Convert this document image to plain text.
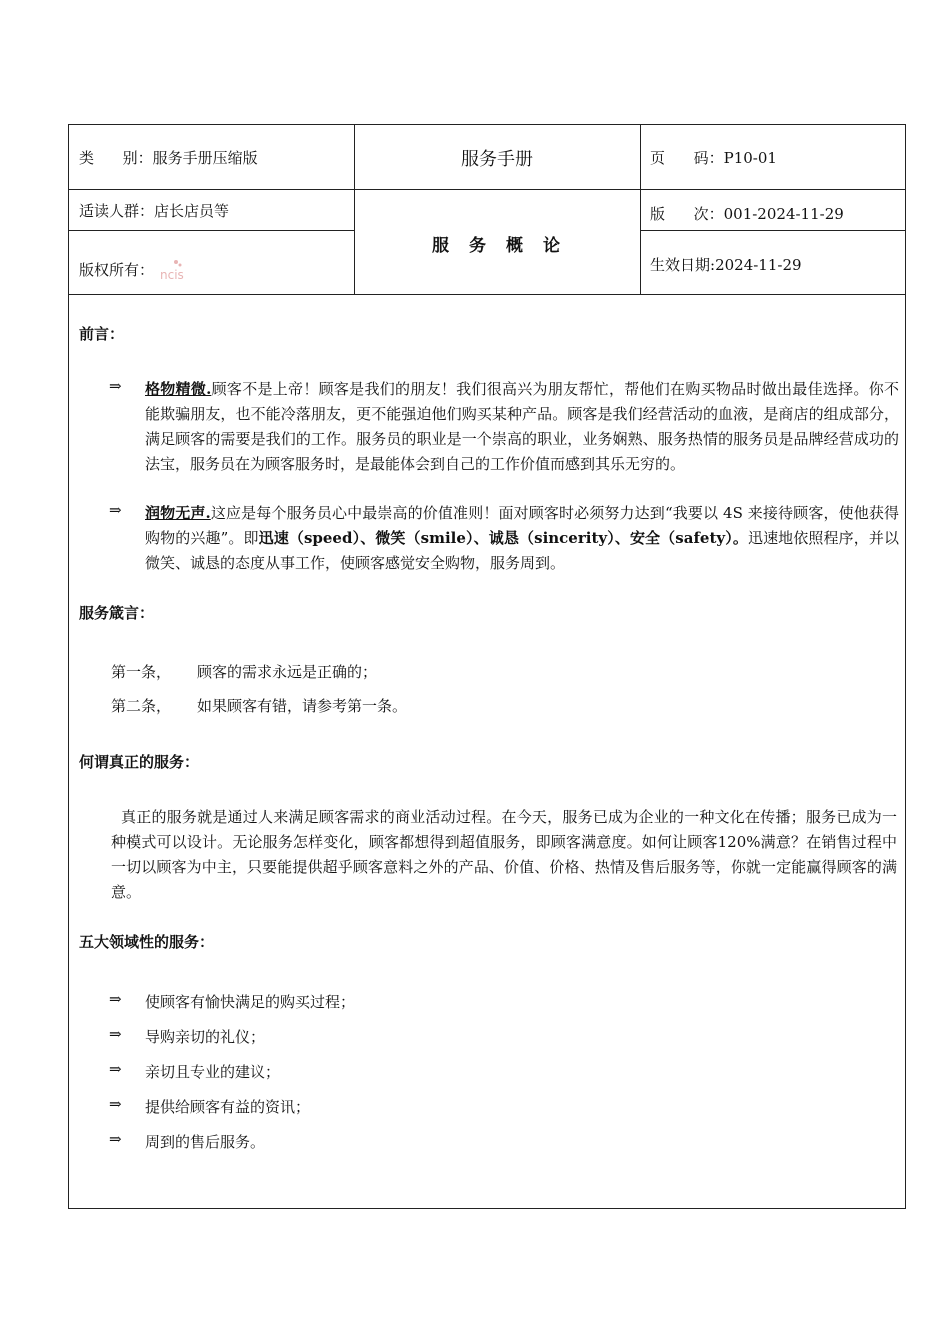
类      别：服务手册压缩版	服务手册	页      码：P10-01
适读人群：店长店员等
服务概论
版      次：001-2024-11-29
版权所有： ncis
生效日期:2024-11-29
前言：
⇒ 格物精微.顾客不是上帝！顾客是我们的朋友！我们很高兴为朋友帮忙，帮他们在购买物品时做出最佳选择。你不能欺骗朋友，也不能冷落朋友，更不能强迫他们购买某种产品。顾客是我们经营活动的血液，是商店的组成部分，满足顾客的需要是我们的工作。服务员的职业是一个崇高的职业，业务娴熟、服务热情的服务员是品牌经营成功的法宝，服务员在为顾客服务时，是最能体会到自己的工作价值而感到其乐无穷的。
⇒ 润物无声.这应是每个服务员心中最崇高的价值准则！面对顾客时必须努力达到“我要以 4S 来接待顾客，使他获得购物的兴趣”。即迅速（speed）、微笑（smile）、诚恳（sincerity）、安全（safety）。迅速地依照程序，并以微笑、诚恳的态度从事工作，使顾客感觉安全购物，服务周到。
服务箴言：
第一条， 顾客的需求永远是正确的；
第二条， 如果顾客有错，请参考第一条。
何谓真正的服务：
真正的服务就是通过人来满足顾客需求的商业活动过程。在今天，服务已成为企业的一种文化在传播；服务已成为一种模式可以设计。无论服务怎样变化，顾客都想得到超值服务，即顾客满意度。如何让顾客120%满意？在销售过程中一切以顾客为中主，只要能提供超乎顾客意料之外的产品、价值、价格、热情及售后服务等，你就一定能赢得顾客的满意。
五大领域性的服务：
⇒ 使顾客有愉快满足的购买过程；
⇒ 导购亲切的礼仪；
⇒ 亲切且专业的建议；
⇒ 提供给顾客有益的资讯；
⇒ 周到的售后服务。
